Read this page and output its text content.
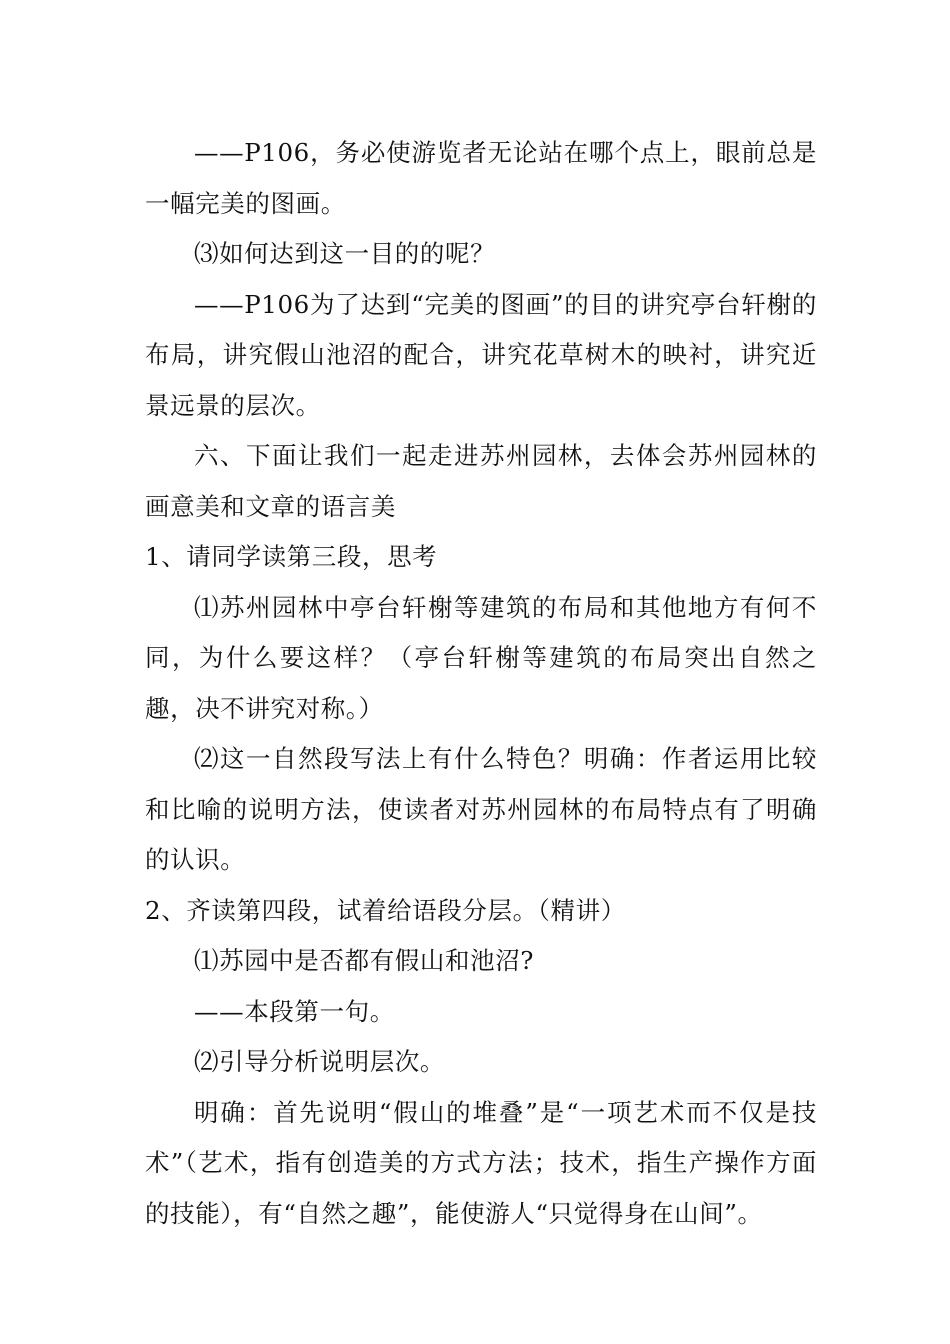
——P106，务必使游览者无论站在哪个点上，眼前总是一幅完美的图画。

⑶如何达到这一目的的呢？

——P106为了达到“完美的图画”的目的讲究亭台轩榭的布局，讲究假山池沼的配合，讲究花草树木的映衬，讲究近景远景的层次。

六、下面让我们一起走进苏州园林，去体会苏州园林的画意美和文章的语言美

1、请同学读第三段，思考

⑴苏州园林中亭台轩榭等建筑的布局和其他地方有何不同，为什么要这样？（亭台轩榭等建筑的布局突出自然之趣，决不讲究对称。）

⑵这一自然段写法上有什么特色？明确：作者运用比较和比喻的说明方法，使读者对苏州园林的布局特点有了明确的认识。

2、齐读第四段，试着给语段分层。（精讲）

⑴苏园中是否都有假山和池沼?

——本段第一句。

⑵引导分析说明层次。

明确：首先说明“假山的堆叠”是“一项艺术而不仅是技术”（艺术，指有创造美的方式方法；技术，指生产操作方面的技能），有“自然之趣”，能使游人“只觉得身在山间”。
